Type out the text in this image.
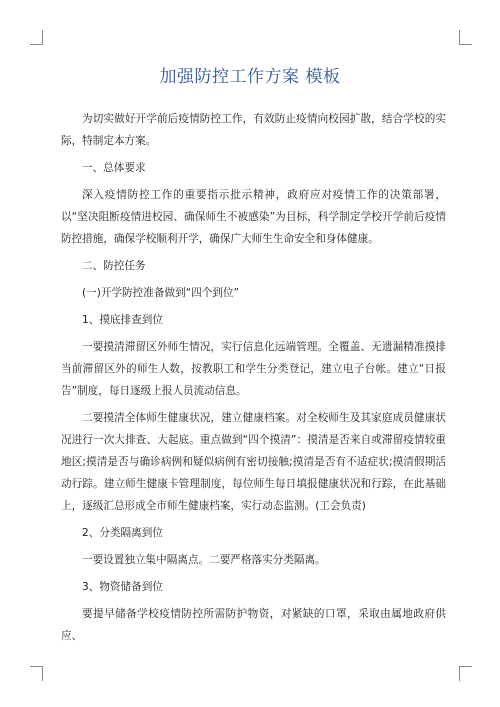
加强防控工作方案 模板

为切实做好开学前后疫情防控工作，有效防止疫情向校园扩散，结合学校的实际，特制定本方案。

一、总体要求

深入疫情防控工作的重要指示批示精神，政府应对疫情工作的决策部署，以“坚决阻断疫情进校园、确保师生不被感染”为目标，科学制定学校开学前后疫情防控措施，确保学校顺利开学，确保广大师生生命安全和身体健康。

二、防控任务

(一)开学防控准备做到“四个到位”

1、摸底排查到位

一要摸清滞留区外师生情况，实行信息化远端管理。全覆盖、无遗漏精准摸排当前滞留区外的师生人数，按教职工和学生分类登记，建立电子台帐。建立“日报告”制度，每日逐级上报人员流动信息。

二要摸清全体师生健康状况，建立健康档案。对全校师生及其家庭成员健康状况进行一次大排查、大起底。重点做到“四个摸清”：摸清是否来自或滞留疫情较重地区;摸清是否与确诊病例和疑似病例有密切接触;摸清是否有不适症状;摸清假期活动行踪。建立师生健康卡管理制度，每位师生每日填报健康状况和行踪，在此基础上，逐级汇总形成全市师生健康档案，实行动态监测。(工会负责)

2、分类隔离到位

一要设置独立集中隔离点。二要严格落实分类隔离。

3、物资储备到位

要提早储备学校疫情防控所需防护物资，对紧缺的口罩，采取由属地政府供应、
